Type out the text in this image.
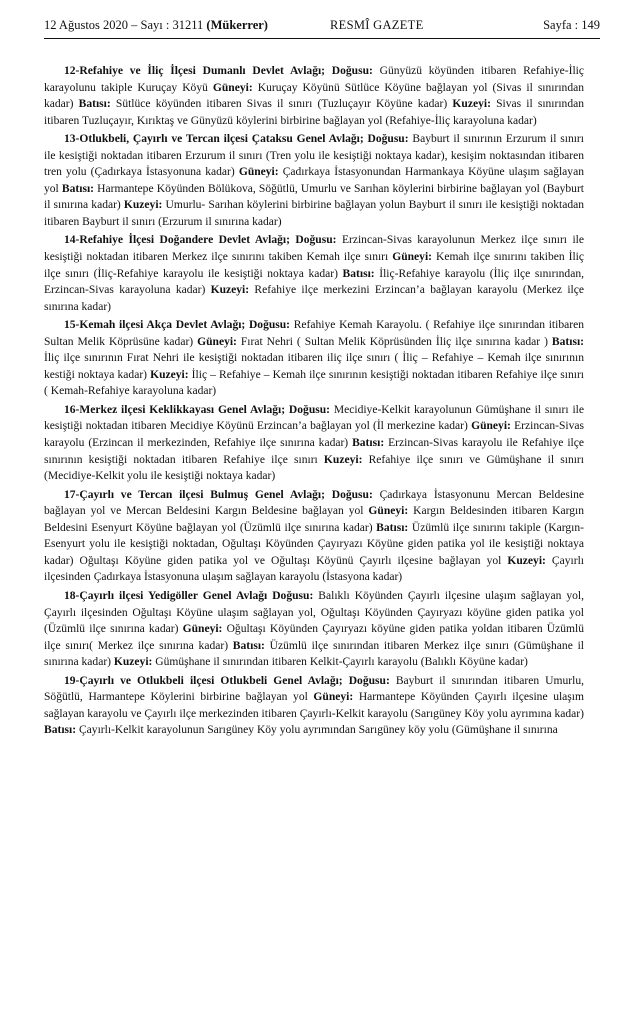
12 Ağustos 2020 – Sayı : 31211 (Mükerrer)	RESMÎ GAZETE	Sayfa : 149

12-Refahiye ve İliç İlçesi Dumanlı Devlet Avlağı; Doğusu: Günyüzü köyünden itibaren Refahiye-İliç karayolunu takiple Kuruçay Köyü Güneyi: Kuruçay Köyünü Sütlüce Köyüne bağlayan yol (Sivas il sınırından kadar) Batısı: Sütlüce köyünden itibaren Sivas il sınırı (Tuzluçayır Köyüne kadar) Kuzeyi: Sivas il sınırından itibaren Tuzluçayır, Kırıktaş ve Günyüzü köylerini birbirine bağlayan yol (Refahiye-İliç karayoluna kadar)

13-Otlukbeli, Çayırlı ve Tercan ilçesi Çataksu Genel Avlağı; Doğusu: Bayburt il sınırının Erzurum il sınırı ile kesiştiği noktadan itibaren Erzurum il sınırı (Tren yolu ile kesiştiği noktaya kadar), kesişim noktasından itibaren tren yolu (Çadırkaya İstasyonuna kadar) Güneyi: Çadırkaya İstasyonundan Harmankaya Köyüne ulaşım sağlayan yol Batısı: Harmantepe Köyünden Bölükova, Söğütlü, Umurlu ve Sarıhan köylerini birbirine bağlayan yol (Bayburt il sınırına kadar) Kuzeyi: Umurlu- Sarıhan köylerini birbirine bağlayan yolun Bayburt il sınırı ile kesiştiği noktadan itibaren Bayburt il sınırı (Erzurum il sınırına kadar)

14-Refahiye İlçesi Doğandere Devlet Avlağı; Doğusu: Erzincan-Sivas karayolunun Merkez ilçe sınırı ile kesiştiği noktadan itibaren Merkez ilçe sınırını takiben Kemah ilçe sınırı Güneyi: Kemah ilçe sınırını takiben İliç ilçe sınırı (İliç-Refahiye karayolu ile kesiştiği noktaya kadar) Batısı: İliç-Refahiye karayolu (İliç ilçe sınırından, Erzincan-Sivas karayoluna kadar) Kuzeyi: Refahiye ilçe merkezini Erzincan’a bağlayan karayolu (Merkez ilçe sınırına kadar)

15-Kemah ilçesi Akça Devlet Avlağı; Doğusu: Refahiye Kemah Karayolu. ( Refahiye ilçe sınırından itibaren Sultan Melik Köprüsüne kadar) Güneyi: Fırat Nehri ( Sultan Melik Köprüsünden İliç ilçe sınırına kadar ) Batısı: İliç ilçe sınırının Fırat Nehri ile kesiştiği noktadan itibaren iliç ilçe sınırı ( İliç – Refahiye – Kemah ilçe sınırının kestiği noktaya kadar) Kuzeyi: İliç – Refahiye – Kemah ilçe sınırının kesiştiği noktadan itibaren Refahiye ilçe sınırı ( Kemah-Refahiye karayoluna kadar)

16-Merkez ilçesi Keklikkayası Genel Avlağı; Doğusu: Mecidiye-Kelkit karayolunun Gümüşhane il sınırı ile kesiştiği noktadan itibaren Mecidiye Köyünü Erzincan’a bağlayan yol (İl merkezine kadar) Güneyi: Erzincan-Sivas karayolu (Erzincan il merkezinden, Refahiye ilçe sınırına kadar) Batısı: Erzincan-Sivas karayolu ile Refahiye ilçe sınırının kesiştiği noktadan itibaren Refahiye ilçe sınırı Kuzeyi: Refahiye ilçe sınırı ve Gümüşhane il sınırı (Mecidiye-Kelkit yolu ile kesiştiği noktaya kadar)

17-Çayırlı ve Tercan ilçesi Bulmuş Genel Avlağı; Doğusu: Çadırkaya İstasyonunu Mercan Beldesine bağlayan yol ve Mercan Beldesini Kargın Beldesine bağlayan yol Güneyi: Kargın Beldesinden itibaren Kargın Beldesini Esenyurt Köyüne bağlayan yol (Üzümlü ilçe sınırına kadar) Batısı: Üzümlü ilçe sınırını takiple (Kargın-Esenyurt yolu ile kesiştiği noktadan, Oğultaşı Köyünden Çayıryazı Köyüne giden patika yol ile kesiştiği noktaya kadar) Oğultaşı Köyüne giden patika yol ve Oğultaşı Köyünü Çayırlı ilçesine bağlayan yol Kuzeyi: Çayırlı ilçesinden Çadırkaya İstasyonuna ulaşım sağlayan karayolu (İstasyona kadar)

18-Çayırlı ilçesi Yedigöller Genel Avlağı Doğusu: Balıklı Köyünden Çayırlı ilçesine ulaşım sağlayan yol, Çayırlı ilçesinden Oğultaşı Köyüne ulaşım sağlayan yol, Oğultaşı Köyünden Çayıryazı köyüne giden patika yol (Üzümlü ilçe sınırına kadar) Güneyi: Oğultaşı Köyünden Çayıryazı köyüne giden patika yoldan itibaren Üzümlü ilçe sınırı( Merkez ilçe sınırına kadar) Batısı: Üzümlü ilçe sınırından itibaren Merkez ilçe sınırı (Gümüşhane il sınırına kadar) Kuzeyi: Gümüşhane il sınırından itibaren Kelkit-Çayırlı karayolu (Balıklı Köyüne kadar)

19-Çayırlı ve Otlukbeli ilçesi Otlukbeli Genel Avlağı; Doğusu: Bayburt il sınırından itibaren Umurlu, Söğütlü, Harmantepe Köylerini birbirine bağlayan yol Güneyi: Harmantepe Köyünden Çayırlı ilçesine ulaşım sağlayan karayolu ve Çayırlı ilçe merkezinden itibaren Çayırlı-Kelkit karayolu (Sarıgüney Köy yolu ayrımına kadar) Batısı: Çayırlı-Kelkit karayolunun Sarıgüney Köy yolu ayrımından Sarıgüney köy yolu (Gümüşhane il sınırına
